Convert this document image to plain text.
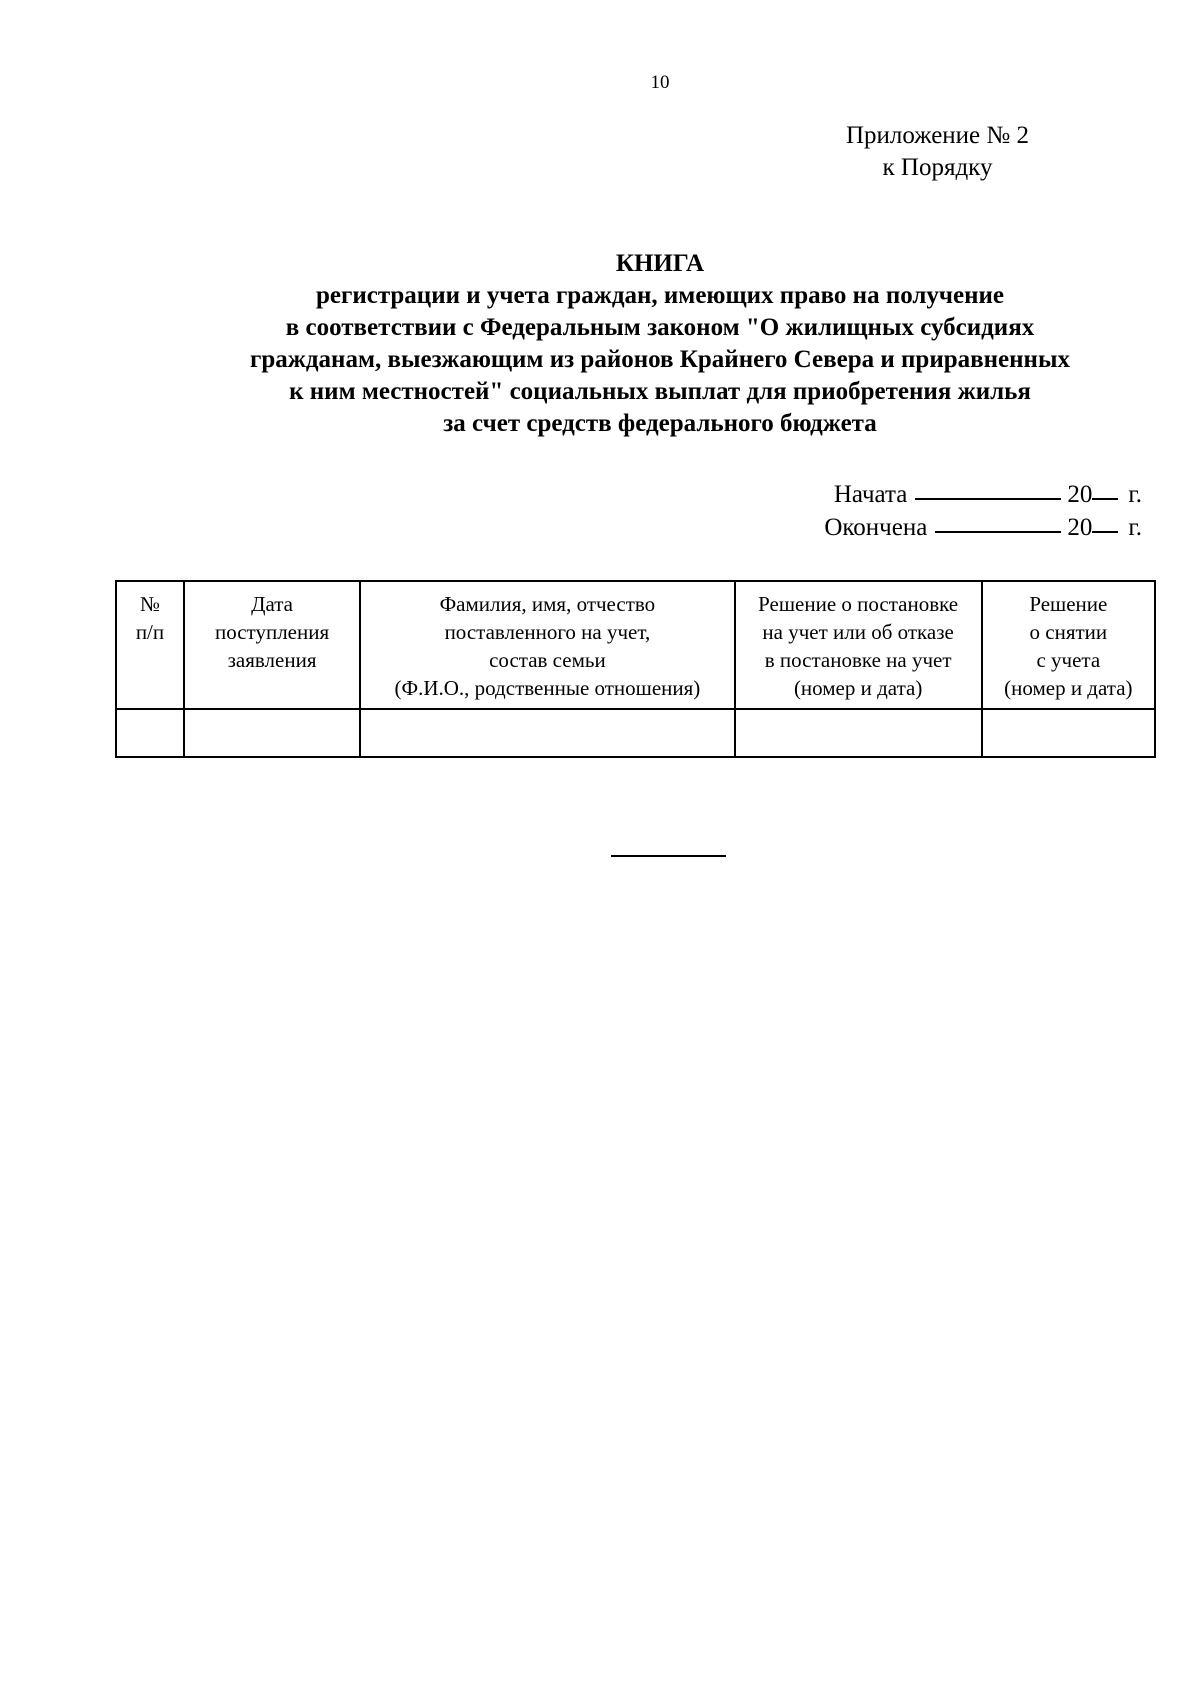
10
Приложение № 2
к Порядку
КНИГА
регистрации и учета граждан, имеющих право на получение
в соответствии с Федеральным законом "О жилищных субсидиях
гражданам, выезжающим из районов Крайнего Севера и приравненных
к ним местностей" социальных выплат для приобретения жилья
за счет средств федерального бюджета
Начата	20 г.
Окончена	20 г.
№
п/п	Дата
поступления
заявления	Фамилия, имя, отчество
поставленного на учет,
состав семьи
(Ф.И.О., родственные отношения)	Решение о постановке
на учет или об отказе
в постановке на учет
(номер и дата)	Решение
о снятии
с учета
(номер и дата)
